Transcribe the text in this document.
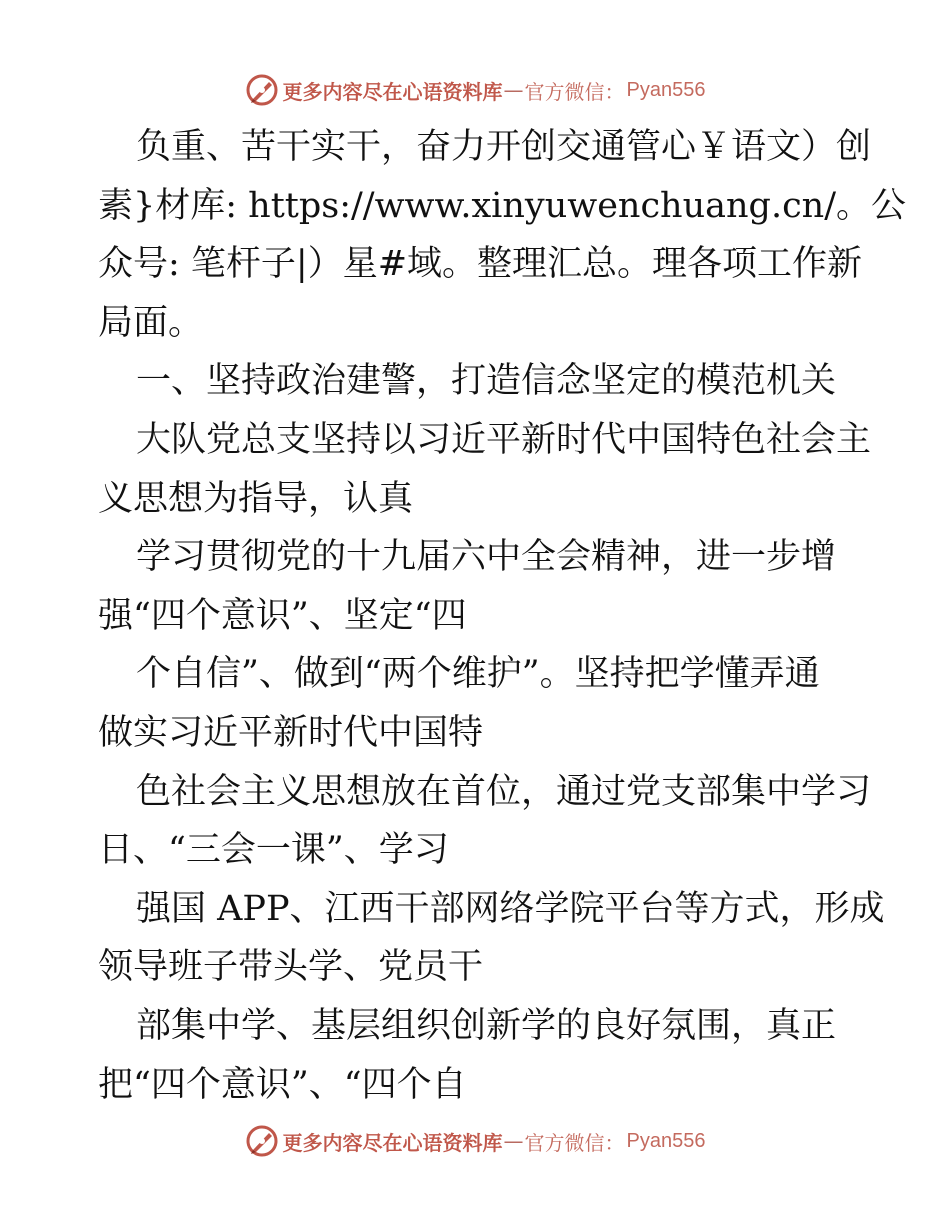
更多内容尽在心语资料库 — 官方微信： Pyan556
负重、苦干实干，奋力开创交通管心￥语文）创
素}材库: https://www.xinyuwenchuang.cn/。公
众号: 笔杆子|）星#域。整理汇总。理各项工作新
局面。
一、坚持政治建警，打造信念坚定的模范机关
大队党总支坚持以习近平新时代中国特色社会主
义思想为指导，认真
学习贯彻党的十九届六中全会精神，进一步增
强“四个意识”、坚定“四
个自信”、做到“两个维护”。坚持把学懂弄通
做实习近平新时代中国特
色社会主义思想放在首位，通过党支部集中学习
日、“三会一课”、学习
强国 APP、江西干部网络学院平台等方式，形成
领导班子带头学、党员干
部集中学、基层组织创新学的良好氛围，真正
把“四个意识”、“四个自
更多内容尽在心语资料库 — 官方微信： Pyan556
